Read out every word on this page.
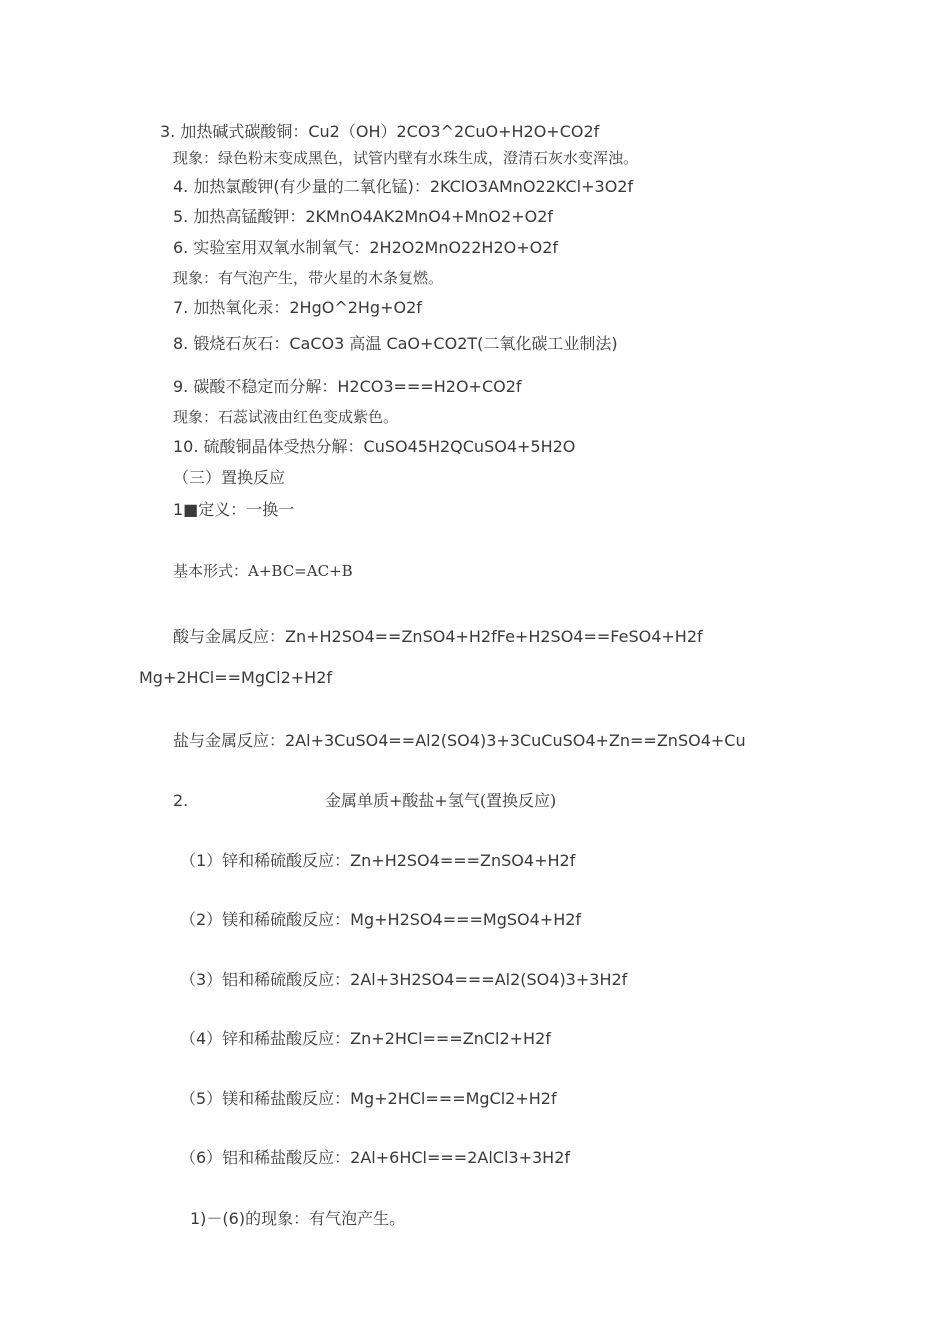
3. 加热碱式碳酸铜：Cu2（OH）2CO3^2CuO+H2O+CO2f
现象：绿色粉末变成黑色，试管内壁有水珠生成，澄清石灰水变浑浊。
4. 加热氯酸钾(有少量的二氧化锰)：2KClO3AMnO22KCl+3O2f
5. 加热高锰酸钾：2KMnO4AK2MnO4+MnO2+O2f
6. 实验室用双氧水制氧气：2H2O2MnO22H2O+O2f
现象：有气泡产生，带火星的木条复燃。
7. 加热氧化汞：2HgO^2Hg+O2f
8. 锻烧石灰石：CaCO3 高温 CaO+CO2T(二氧化碳工业制法)
9. 碳酸不稳定而分解：H2CO3===H2O+CO2f
现象：石蕊试液由红色变成紫色。
10. 硫酸铜晶体受热分解：CuSO45H2QCuSO4+5H2O
（三）置换反应
1■定义：一换一
基本形式：A+BC=AC+B
酸与金属反应：Zn+H2SO4==ZnSO4+H2fFe+H2SO4==FeSO4+H2f
Mg+2HCl==MgCl2+H2f
盐与金属反应：2Al+3CuSO4==Al2(SO4)3+3CuCuSO4+Zn==ZnSO4+Cu
2.	金属单质+酸盐+氢气(置换反应)
（1）锌和稀硫酸反应：Zn+H2SO4===ZnSO4+H2f
（2）镁和稀硫酸反应：Mg+H2SO4===MgSO4+H2f
（3）铝和稀硫酸反应：2Al+3H2SO4===Al2(SO4)3+3H2f
（4）锌和稀盐酸反应：Zn+2HCl===ZnCl2+H2f
（5）镁和稀盐酸反应：Mg+2HCl===MgCl2+H2f
（6）铝和稀盐酸反应：2Al+6HCl===2AlCl3+3H2f
1)－(6)的现象：有气泡产生。
